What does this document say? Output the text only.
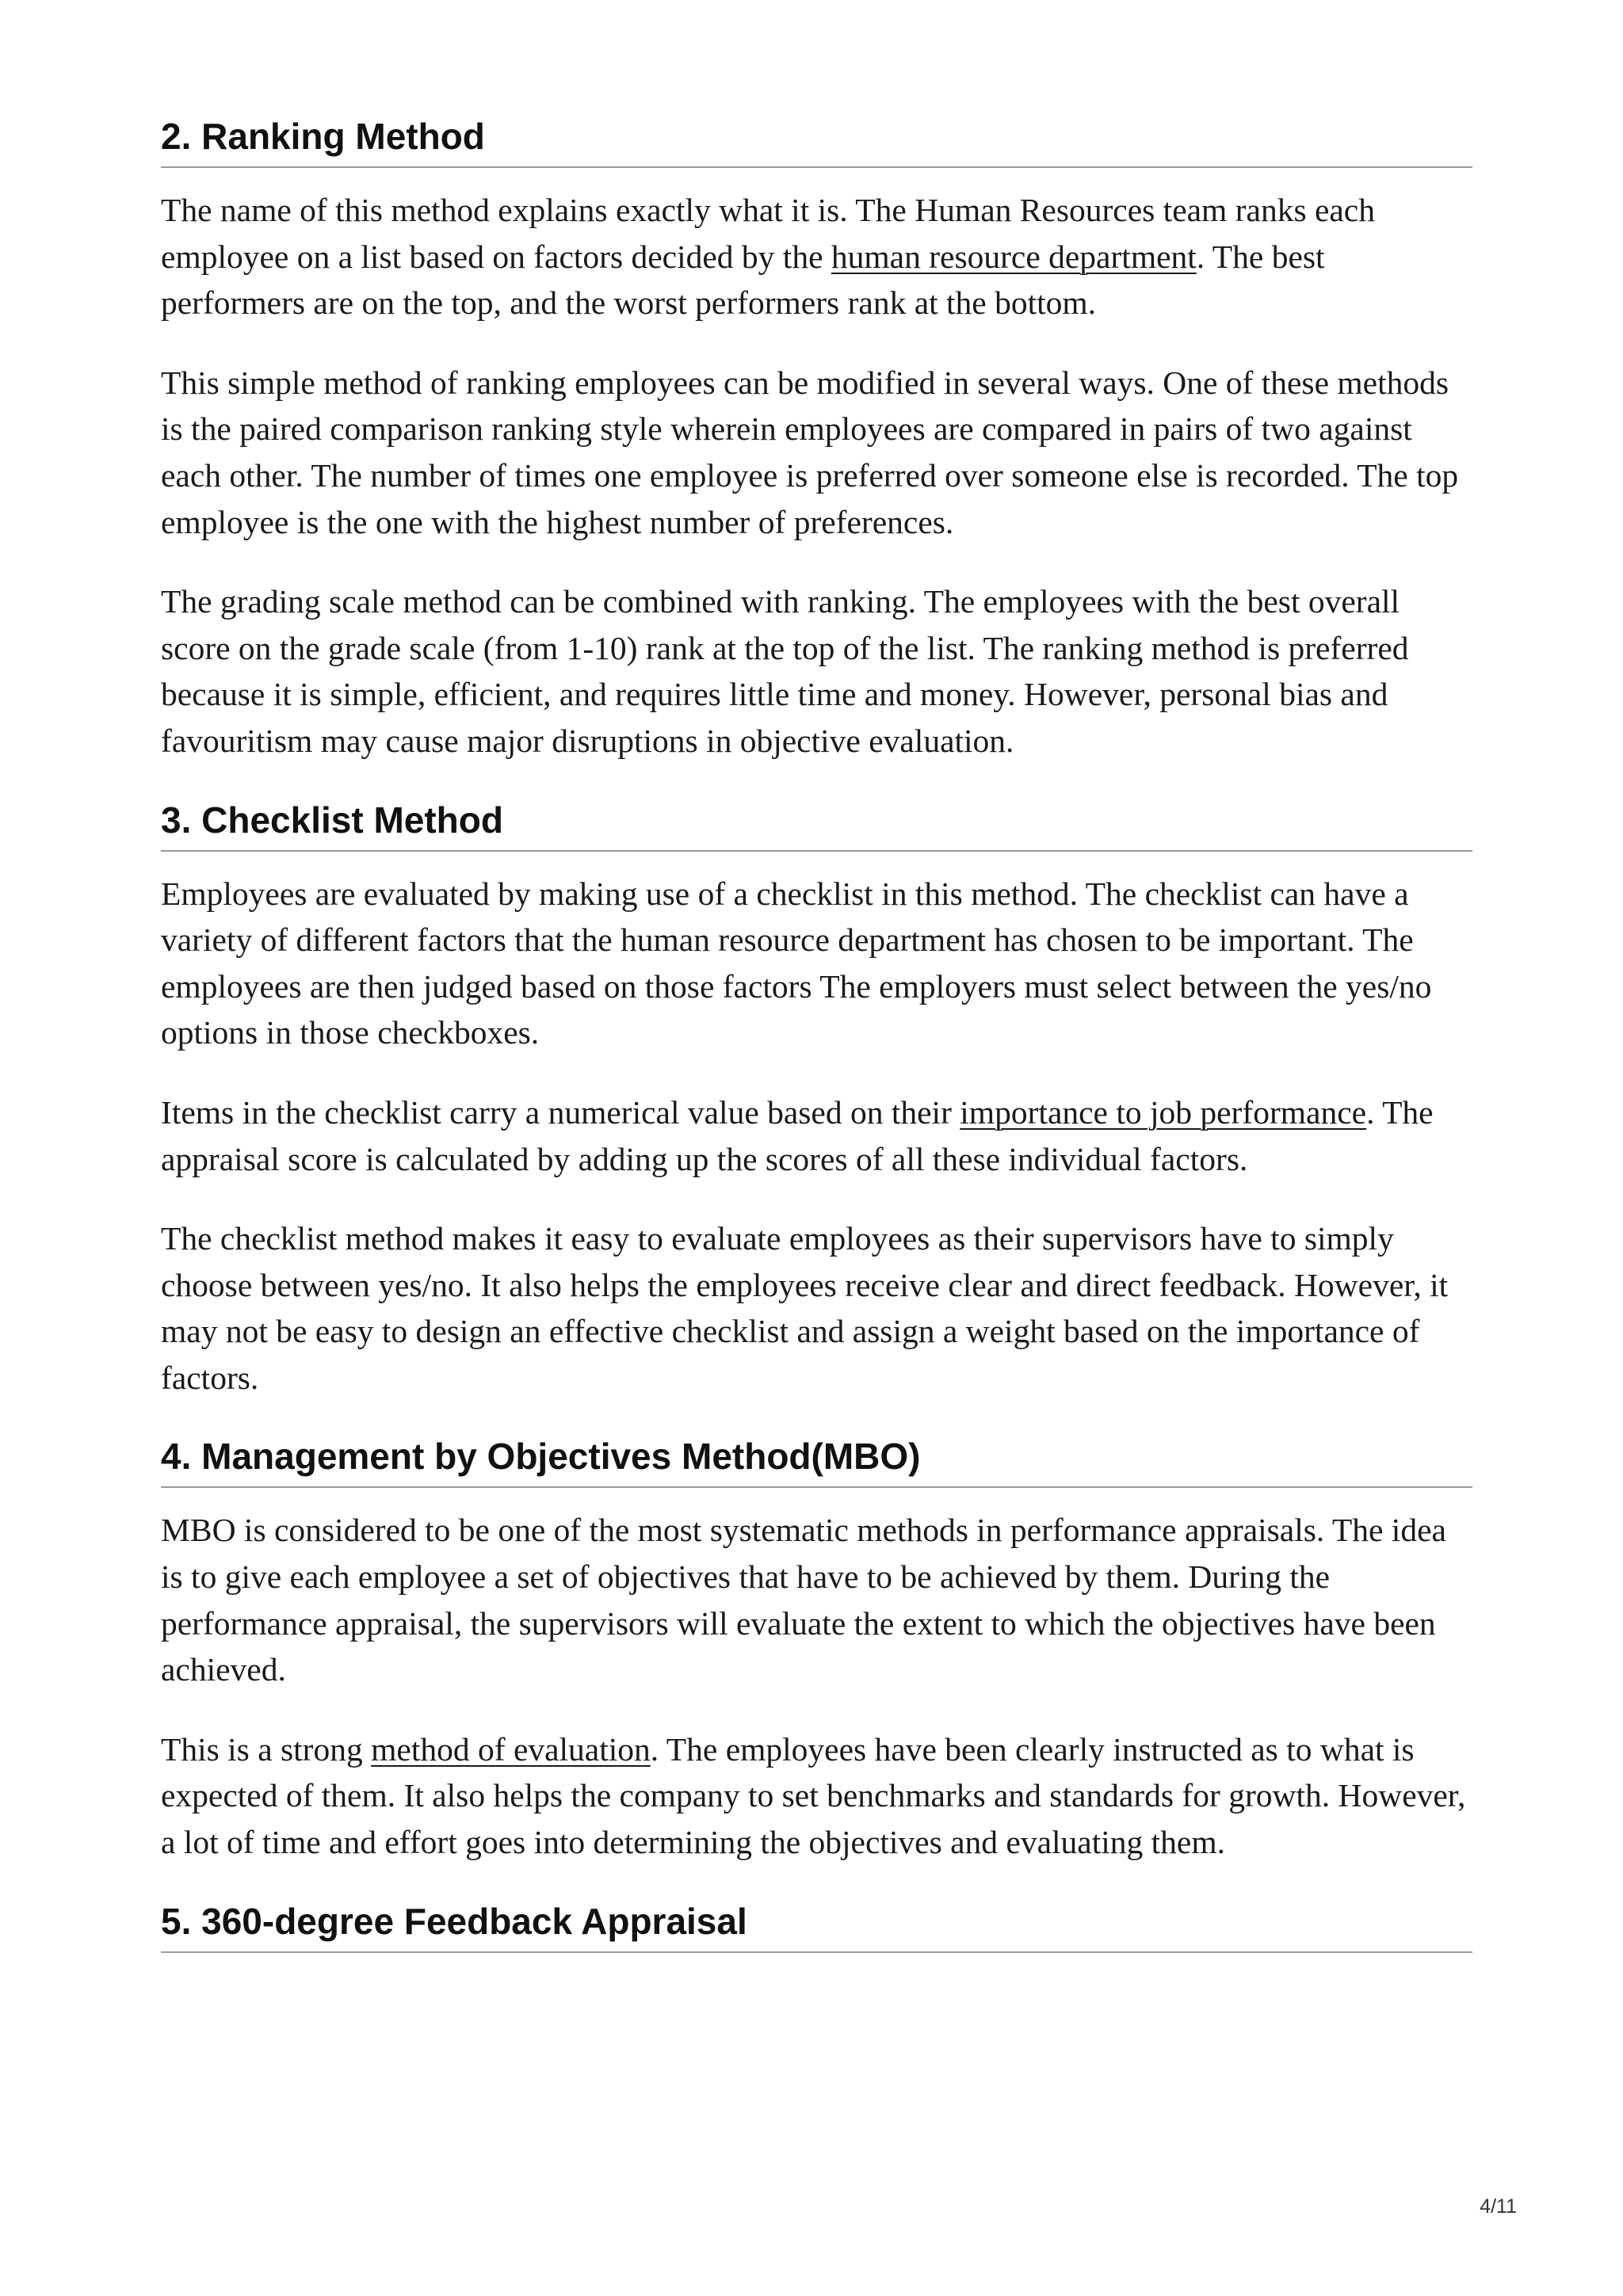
2. Ranking Method

The name of this method explains exactly what it is. The Human Resources team ranks each employee on a list based on factors decided by the human resource department. The best performers are on the top, and the worst performers rank at the bottom.

This simple method of ranking employees can be modified in several ways. One of these methods is the paired comparison ranking style wherein employees are compared in pairs of two against each other. The number of times one employee is preferred over someone else is recorded. The top employee is the one with the highest number of preferences.

The grading scale method can be combined with ranking. The employees with the best overall score on the grade scale (from 1-10) rank at the top of the list. The ranking method is preferred because it is simple, efficient, and requires little time and money. However, personal bias and favouritism may cause major disruptions in objective evaluation.

3. Checklist Method

Employees are evaluated by making use of a checklist in this method. The checklist can have a variety of different factors that the human resource department has chosen to be important. The employees are then judged based on those factors The employers must select between the yes/no options in those checkboxes.

Items in the checklist carry a numerical value based on their importance to job performance. The appraisal score is calculated by adding up the scores of all these individual factors.

The checklist method makes it easy to evaluate employees as their supervisors have to simply choose between yes/no. It also helps the employees receive clear and direct feedback. However, it may not be easy to design an effective checklist and assign a weight based on the importance of factors.

4. Management by Objectives Method(MBO)

MBO is considered to be one of the most systematic methods in performance appraisals. The idea is to give each employee a set of objectives that have to be achieved by them. During the performance appraisal, the supervisors will evaluate the extent to which the objectives have been achieved.

This is a strong method of evaluation. The employees have been clearly instructed as to what is expected of them. It also helps the company to set benchmarks and standards for growth. However, a lot of time and effort goes into determining the objectives and evaluating them.

5. 360-degree Feedback Appraisal
4/11
